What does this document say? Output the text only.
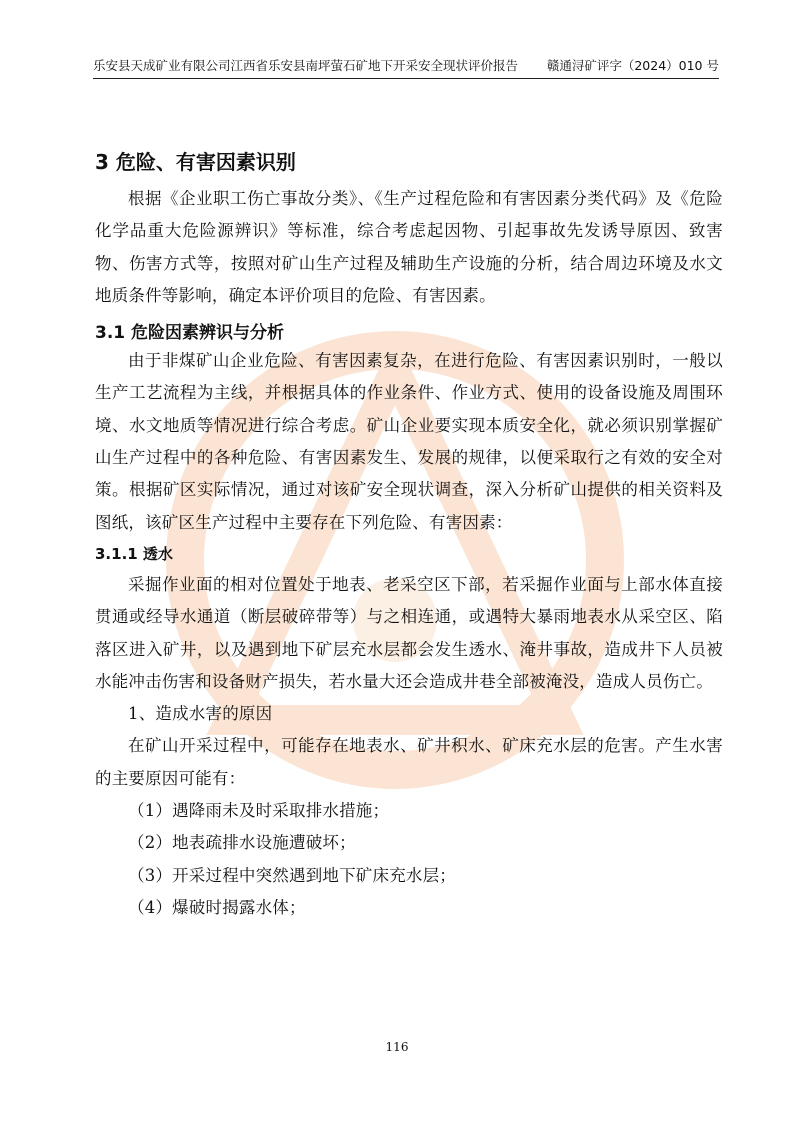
乐安县天成矿业有限公司江西省乐安县南坪萤石矿地下开采安全现状评价报告 赣通浔矿评字（2024）010 号
3 危险、有害因素识别

根据《企业职工伤亡事故分类》、《生产过程危险和有害因素分类代码》及《危险化学品重大危险源辨识》等标准，综合考虑起因物、引起事故先发诱导原因、致害物、伤害方式等，按照对矿山生产过程及辅助生产设施的分析，结合周边环境及水文地质条件等影响，确定本评价项目的危险、有害因素。

3.1 危险因素辨识与分析

由于非煤矿山企业危险、有害因素复杂，在进行危险、有害因素识别时，一般以生产工艺流程为主线，并根据具体的作业条件、作业方式、使用的设备设施及周围环境、水文地质等情况进行综合考虑。矿山企业要实现本质安全化，就必须识别掌握矿山生产过程中的各种危险、有害因素发生、发展的规律，以便采取行之有效的安全对策。根据矿区实际情况，通过对该矿安全现状调查，深入分析矿山提供的相关资料及图纸，该矿区生产过程中主要存在下列危险、有害因素：

3.1.1 透水

采掘作业面的相对位置处于地表、老采空区下部，若采掘作业面与上部水体直接贯通或经导水通道（断层破碎带等）与之相连通，或遇特大暴雨地表水从采空区、陷落区进入矿井，以及遇到地下矿层充水层都会发生透水、淹井事故，造成井下人员被水能冲击伤害和设备财产损失，若水量大还会造成井巷全部被淹没，造成人员伤亡。

1、造成水害的原因

在矿山开采过程中，可能存在地表水、矿井积水、矿床充水层的危害。产生水害的主要原因可能有：

（1）遇降雨未及时采取排水措施；

（2）地表疏排水设施遭破坏；

（3）开采过程中突然遇到地下矿床充水层；

（4）爆破时揭露水体；

116
